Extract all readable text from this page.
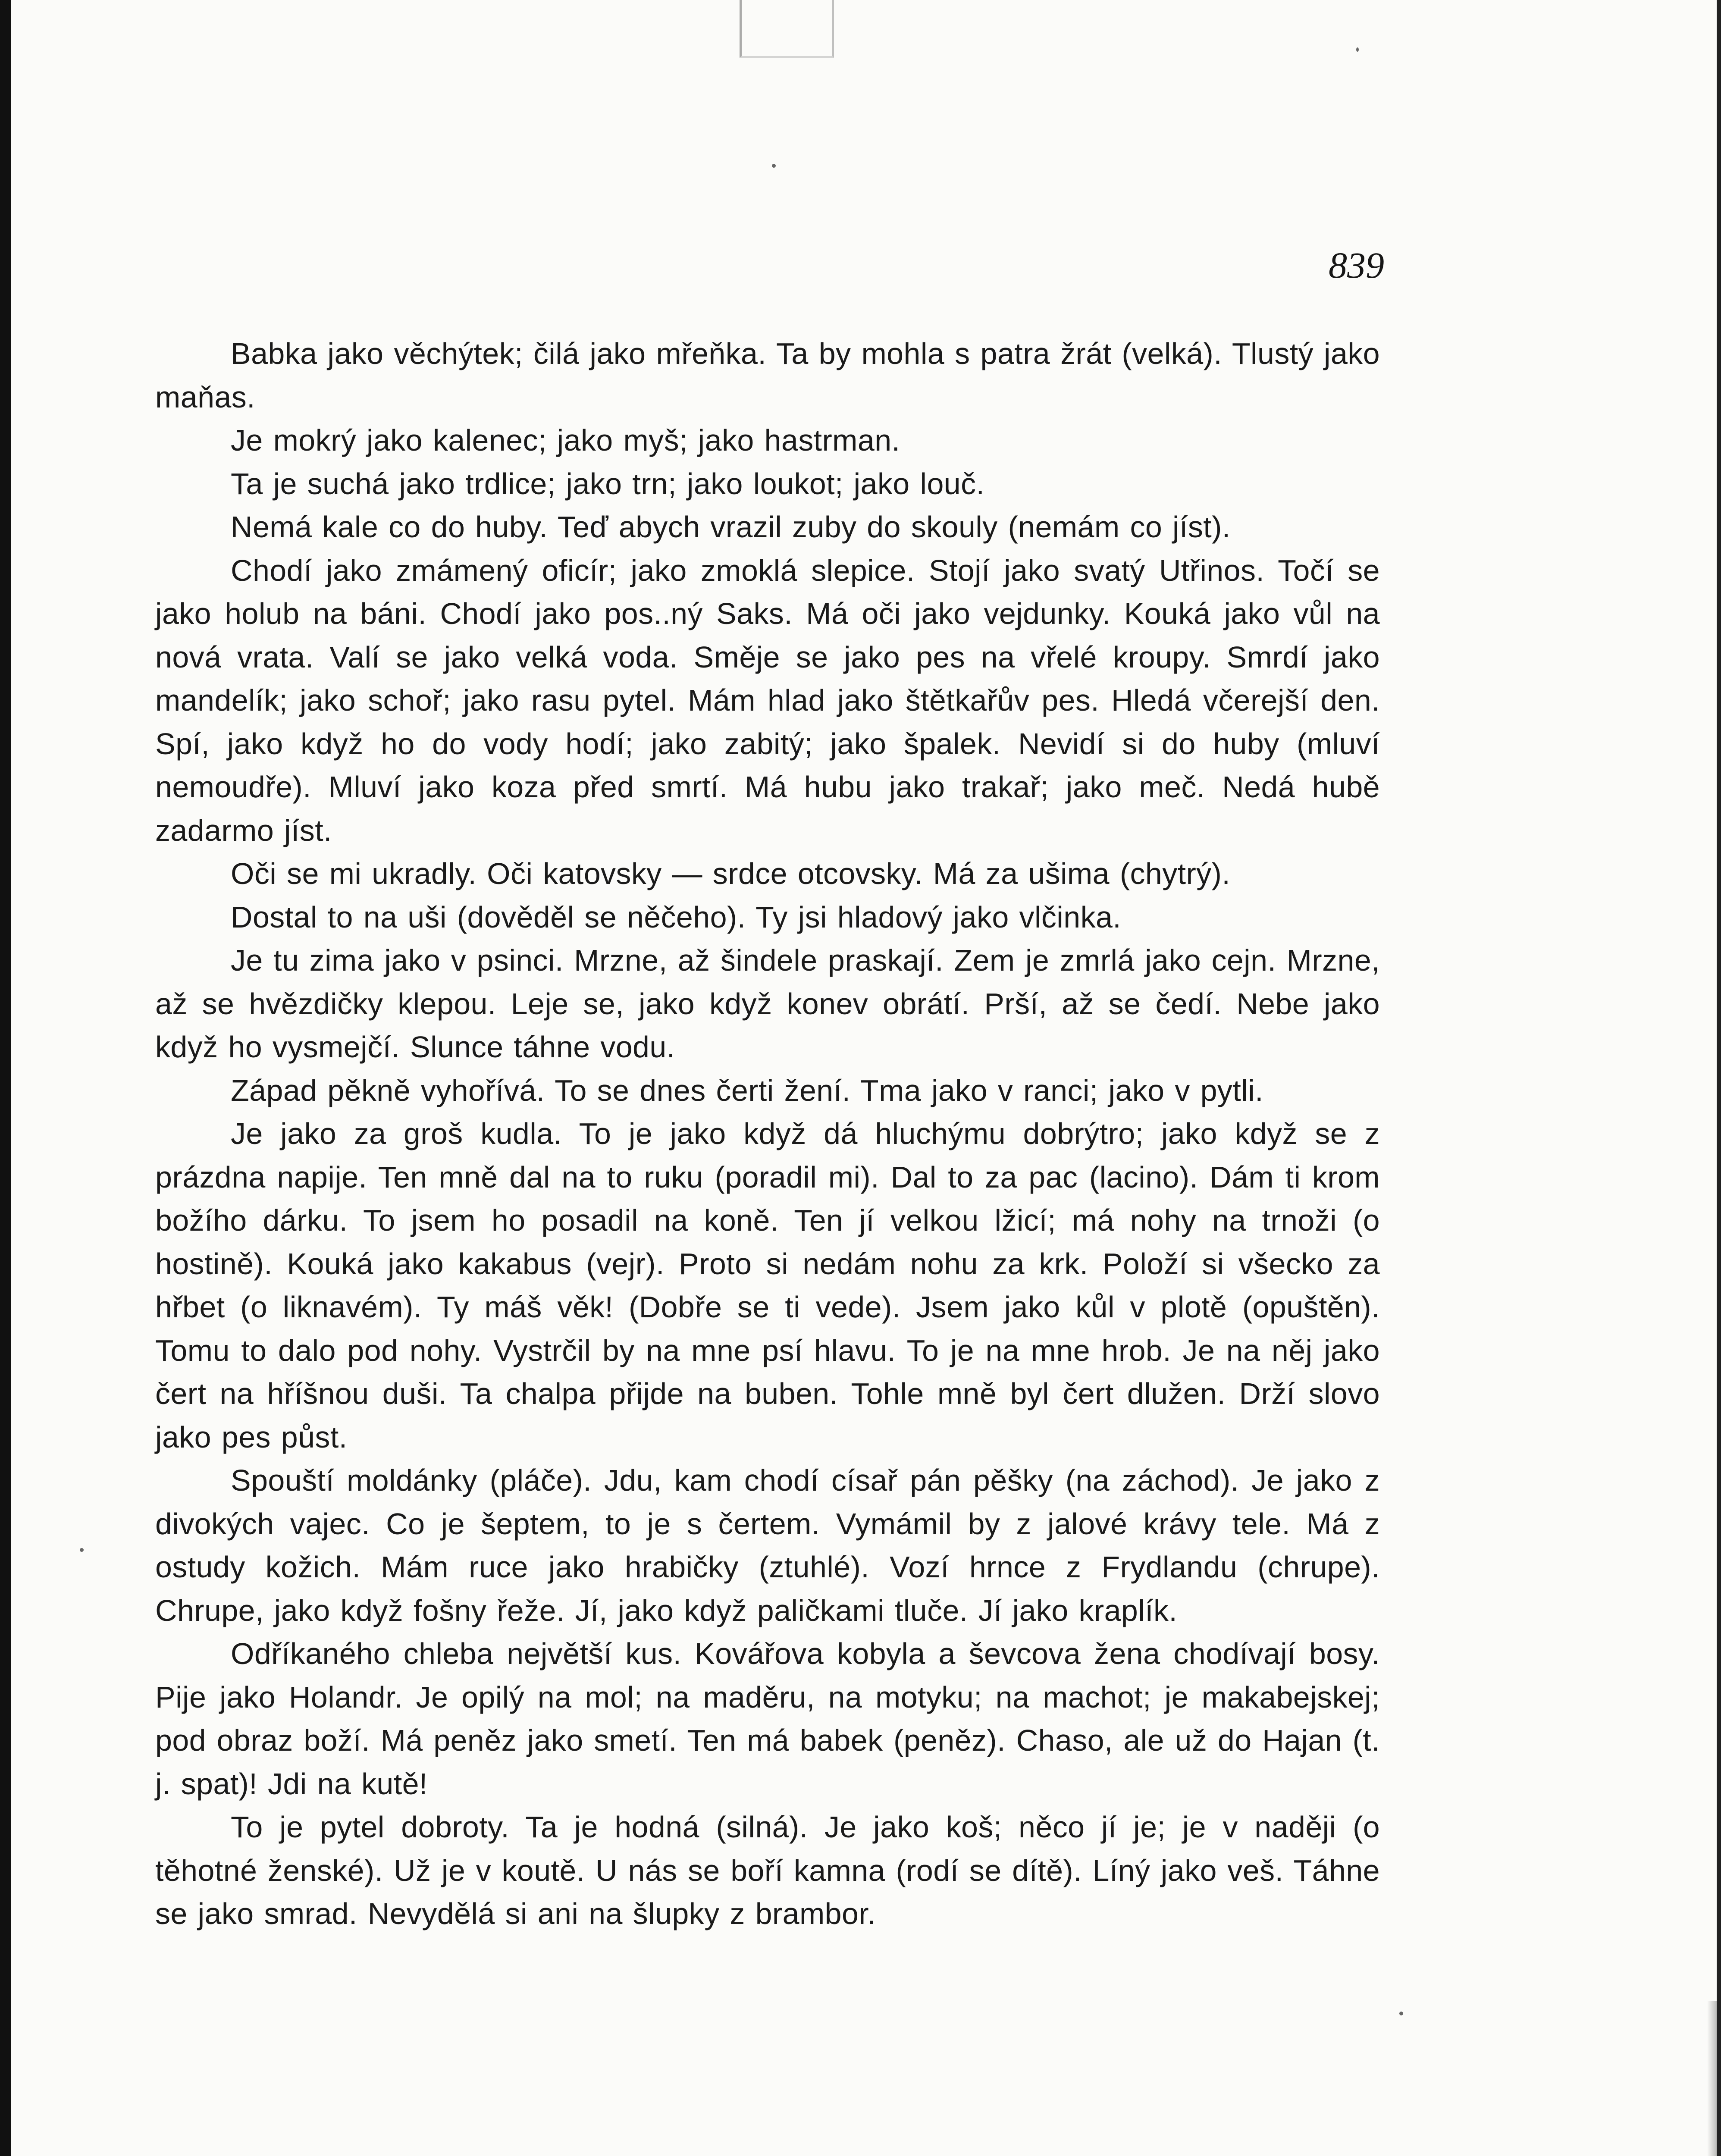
839

Babka jako věchýtek; čilá jako mřeňka. Ta by mohla s patra žrát (velká). Tlustý jako maňas.

Je mokrý jako kalenec; jako myš; jako hastrman.

Ta je suchá jako trdlice; jako trn; jako loukot; jako louč.

Nemá kale co do huby. Teď abych vrazil zuby do skouly (nemám co jíst).

Chodí jako zmámený oficír; jako zmoklá slepice. Stojí jako svatý Utřinos. Točí se jako holub na báni. Chodí jako pos..ný Saks. Má oči jako vejdunky. Kouká jako vůl na nová vrata. Valí se jako velká voda. Směje se jako pes na vřelé kroupy. Smrdí jako mandelík; jako schoř; jako rasu pytel. Mám hlad jako štětkařův pes. Hledá včerejší den. Spí, jako když ho do vody hodí; jako zabitý; jako špalek. Nevidí si do huby (mluví nemoudře). Mluví jako koza před smrtí. Má hubu jako trakař; jako meč. Nedá hubě zadarmo jíst.

Oči se mi ukradly. Oči katovsky — srdce otcovsky. Má za ušima (chytrý).

Dostal to na uši (dověděl se něčeho). Ty jsi hladový jako vlčinka.

Je tu zima jako v psinci. Mrzne, až šindele praskají. Zem je zmrlá jako cejn. Mrzne, až se hvězdičky klepou. Leje se, jako když konev obrátí. Prší, až se čedí. Nebe jako když ho vysmejčí. Slunce táhne vodu.

Západ pěkně vyhořívá. To se dnes čerti žení. Tma jako v ranci; jako v pytli.

Je jako za groš kudla. To je jako když dá hluchýmu dobrýtro; jako když se z prázdna napije. Ten mně dal na to ruku (poradil mi). Dal to za pac (lacino). Dám ti krom božího dárku. To jsem ho posadil na koně. Ten jí velkou lžicí; má nohy na trnoži (o hostině). Kouká jako kakabus (vejr). Proto si nedám nohu za krk. Položí si všecko za hřbet (o liknavém). Ty máš věk! (Dobře se ti vede). Jsem jako kůl v plotě (opuštěn). Tomu to dalo pod nohy. Vystrčil by na mne psí hlavu. To je na mne hrob. Je na něj jako čert na hříšnou duši. Ta chalpa přijde na buben. Tohle mně byl čert dlužen. Drží slovo jako pes půst.

Spouští moldánky (pláče). Jdu, kam chodí císař pán pěšky (na záchod). Je jako z divokých vajec. Co je šeptem, to je s čertem. Vymámil by z jalové krávy tele. Má z ostudy kožich. Mám ruce jako hrabičky (ztuhlé). Vozí hrnce z Frydlandu (chrupe). Chrupe, jako když fošny řeže. Jí, jako když paličkami tluče. Jí jako kraplík.

Odříkaného chleba největší kus. Kovářova kobyla a ševcova žena chodívají bosy. Pije jako Holandr. Je opilý na mol; na maděru, na motyku; na machot; je makabejskej; pod obraz boží. Má peněz jako smetí. Ten má babek (peněz). Chaso, ale už do Hajan (t. j. spat)! Jdi na kutě!

To je pytel dobroty. Ta je hodná (silná). Je jako koš; něco jí je; je v naději (o těhotné ženské). Už je v koutě. U nás se boří kamna (rodí se dítě). Líný jako veš. Táhne se jako smrad. Nevydělá si ani na šlupky z brambor.
